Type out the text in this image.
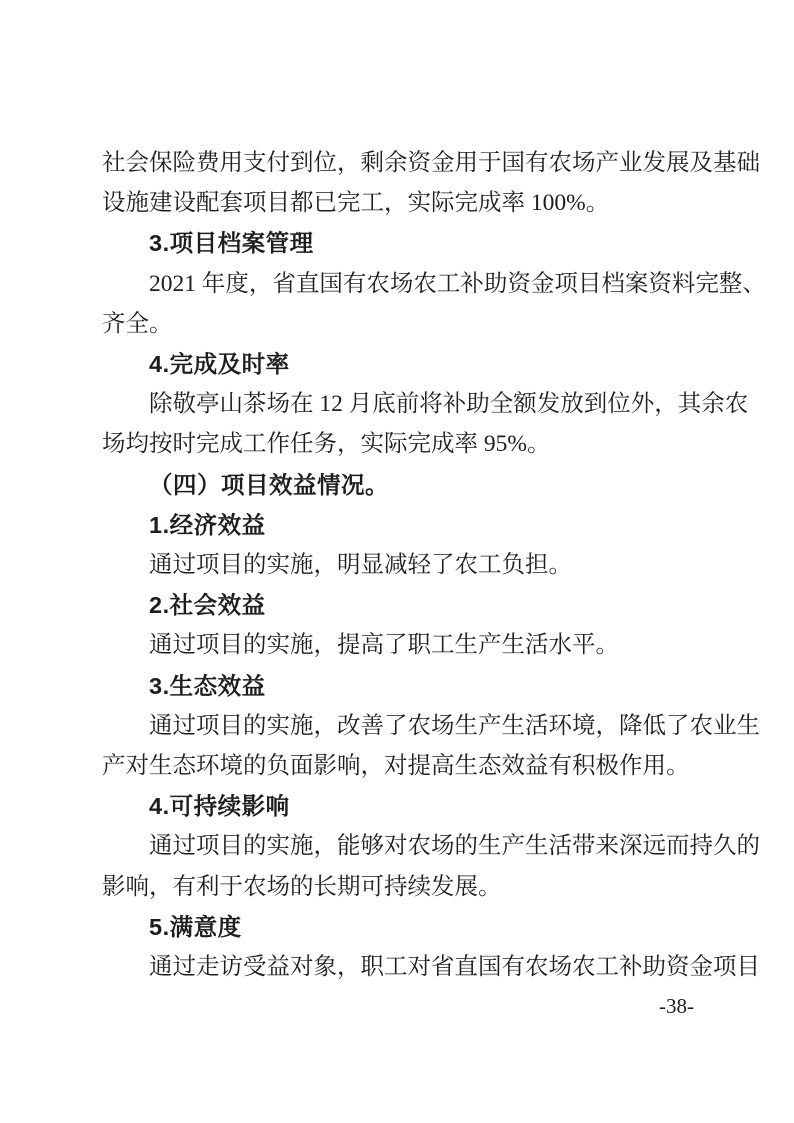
社会保险费用支付到位，剩余资金用于国有农场产业发展及基础
设施建设配套项目都已完工，实际完成率 100%。
3.项目档案管理
2021 年度，省直国有农场农工补助资金项目档案资料完整、
齐全。
4.完成及时率
除敬亭山茶场在 12 月底前将补助全额发放到位外，其余农
场均按时完成工作任务，实际完成率 95%。
（四）项目效益情况。
1.经济效益
通过项目的实施，明显减轻了农工负担。
2.社会效益
通过项目的实施，提高了职工生产生活水平。
3.生态效益
通过项目的实施，改善了农场生产生活环境，降低了农业生
产对生态环境的负面影响，对提高生态效益有积极作用。
4.可持续影响
通过项目的实施，能够对农场的生产生活带来深远而持久的
影响，有利于农场的长期可持续发展。
5.满意度
通过走访受益对象，职工对省直国有农场农工补助资金项目
-38-
